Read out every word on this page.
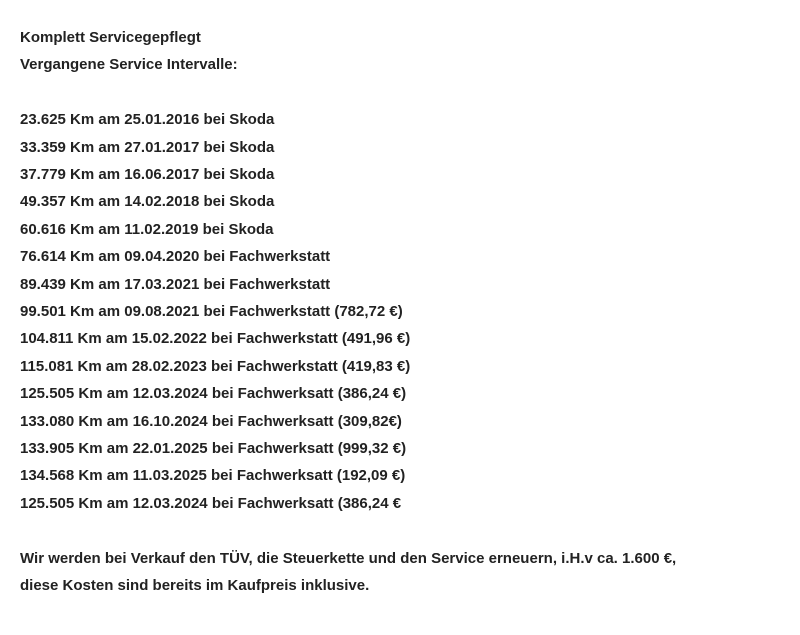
Komplett Servicegepflegt

Vergangene Service Intervalle:

23.625 Km am 25.01.2016 bei Skoda
33.359 Km am 27.01.2017 bei Skoda
37.779 Km am 16.06.2017 bei Skoda
49.357 Km am 14.02.2018 bei Skoda
60.616 Km am 11.02.2019 bei Skoda
76.614 Km am 09.04.2020 bei Fachwerkstatt
89.439 Km am 17.03.2021 bei Fachwerkstatt
99.501 Km am 09.08.2021 bei Fachwerkstatt (782,72 €)
104.811 Km am 15.02.2022 bei Fachwerkstatt (491,96 €)
115.081 Km am 28.02.2023 bei Fachwerkstatt (419,83 €)
125.505 Km am 12.03.2024 bei Fachwerksatt (386,24 €)
133.080 Km am 16.10.2024 bei Fachwerksatt (309,82€)
133.905 Km am 22.01.2025 bei Fachwerksatt (999,32 €)
134.568 Km am 11.03.2025 bei Fachwerksatt (192,09 €)
125.505 Km am 12.03.2024 bei Fachwerksatt (386,24 €

Wir werden bei Verkauf den TÜV, die Steuerkette und den Service erneuern, i.H.v ca. 1.600 €,

diese Kosten sind bereits im Kaufpreis inklusive.
